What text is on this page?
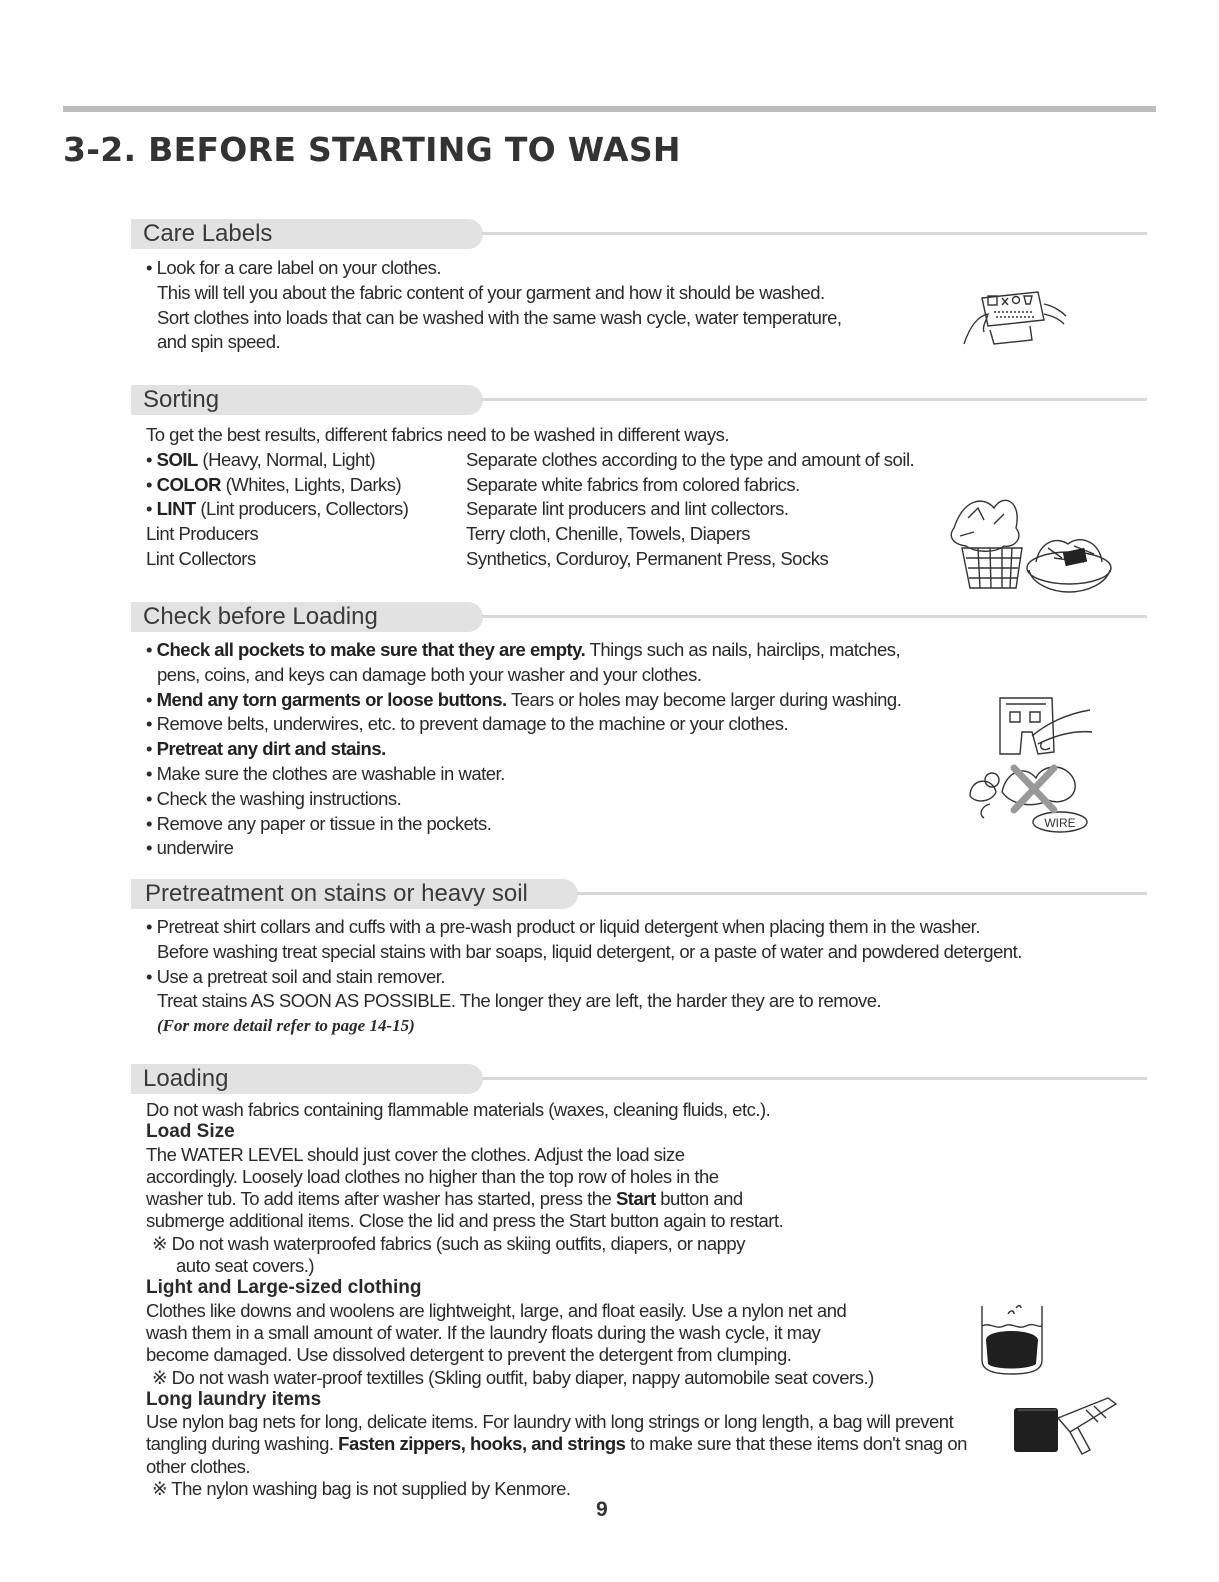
3-2. BEFORE STARTING TO WASH
Care Labels

• Look for a care label on your clothes.

This will tell you about the fabric content of your garment and how it should be washed.

Sort clothes into loads that can be washed with the same wash cycle, water temperature,

and spin speed.

Sorting

To get the best results, different fabrics need to be washed in different ways.

• SOIL (Heavy, Normal, Light)	Separate clothes according to the type and amount of soil.
• COLOR (Whites, Lights, Darks)	Separate white fabrics from colored fabrics.
• LINT (Lint producers, Collectors)	Separate lint producers and lint collectors.
Lint Producers	Terry cloth, Chenille, Towels, Diapers
Lint Collectors	Synthetics, Corduroy, Permanent Press, Socks
Check before Loading

• Check all pockets to make sure that they are empty. Things such as nails, hairclips, matches,

pens, coins, and keys can damage both your washer and your clothes.

• Mend any torn garments or loose buttons. Tears or holes may become larger during washing.

• Remove belts, underwires, etc. to prevent damage to the machine or your clothes.

• Pretreat any dirt and stains.

• Make sure the clothes are washable in water.

• Check the washing instructions.

• Remove any paper or tissue in the pockets.

• underwire

WIRE
Pretreatment on stains or heavy soil

• Pretreat shirt collars and cuffs with a pre-wash product or liquid detergent when placing them in the washer.

Before washing treat special stains with bar soaps, liquid detergent, or a paste of water and powdered detergent.

• Use a pretreat soil and stain remover.

Treat stains AS SOON AS POSSIBLE. The longer they are left, the harder they are to remove.

(For more detail refer to page 14-15)

Loading

Do not wash fabrics containing flammable materials (waxes, cleaning fluids, etc.).

Load Size

The WATER LEVEL should just cover the clothes. Adjust the load size

accordingly. Loosely load clothes no higher than the top row of holes in the

washer tub. To add items after washer has started, press the Start button and

submerge additional items. Close the lid and press the Start button again to restart.

※ Do not wash waterproofed fabrics (such as skiing outfits, diapers, or nappy

auto seat covers.)

Light and Large-sized clothing

Clothes like downs and woolens are lightweight, large, and float easily. Use a nylon net and

wash them in a small amount of water. If the laundry floats during the wash cycle, it may

become damaged. Use dissolved detergent to prevent the detergent from clumping.

※ Do not wash water-proof textilles (Skling outfit, baby diaper, nappy automobile seat covers.)

Long laundry items

Use nylon bag nets for long, delicate items. For laundry with long strings or long length, a bag will prevent

tangling during washing. Fasten zippers, hooks, and strings to make sure that these items don't snag on

other clothes.

※ The nylon washing bag is not supplied by Kenmore.

9
